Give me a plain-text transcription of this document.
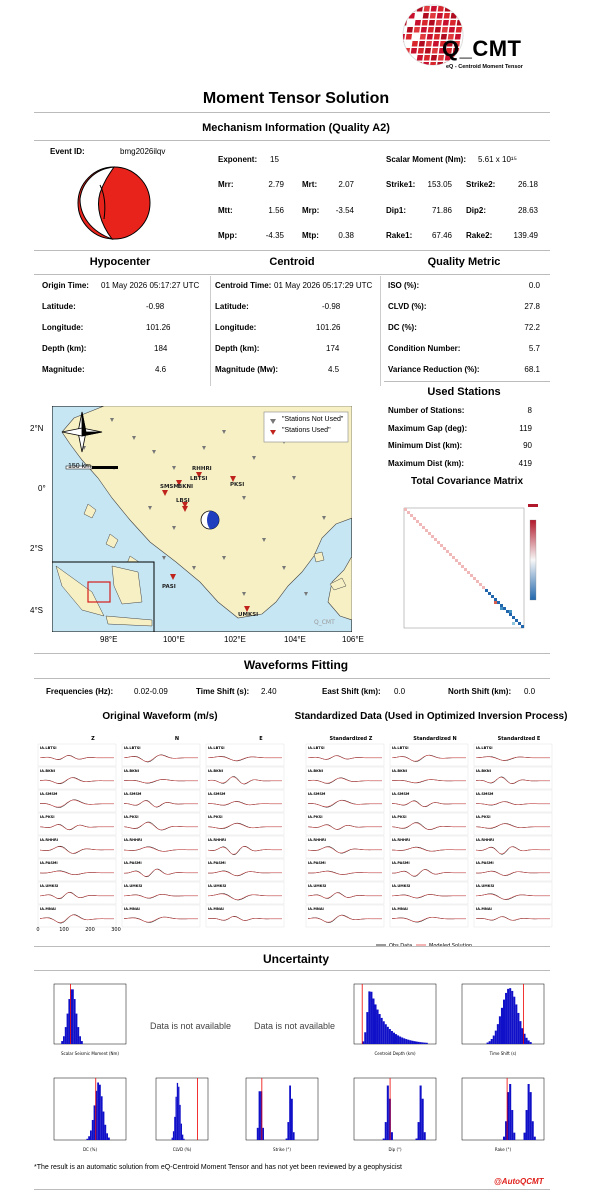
Q_CMT
eQ - Centroid Moment Tensor
Moment Tensor Solution
Mechanism Information (Quality A2)
Event ID:	bmg2026ilqv
Exponent: 15
Mrr:	2.79 Mrt:	2.07
Mtt:	1.56 Mrp:	-3.54
Mpp:	-4.35 Mtp:	0.38
Scalar Moment (Nm): 5.61 x 10¹⁵
Strike1:	153.05 Strike2:	26.18
Dip1:	71.86 Dip2:	28.63
Rake1:	67.46 Rake2:	139.49
Hypocenter	Centroid	Quality Metric
Origin Time: 01 May 2026 05:17:27 UTC
Latitude:	-0.98
Longitude:	101.26
Depth (km):	184
Magnitude:	4.6
Centroid Time: 01 May 2026 05:17:29 UTC
Latitude:	-0.98
Longitude:	101.26
Depth (km):	174
Magnitude (Mw):	4.5
ISO (%):	0.0
CLVD (%):	27.8
DC (%):	72.2
Condition Number:	5.7
Variance Reduction (%):	68.1
Used Stations
Number of Stations:	8
Maximum Gap (deg):	119
Minimum Dist (km):	90
Maximum Dist (km):	419
2°N
0°
2°S
4°S
LBTSI
RHHRI
SMSM BKNI
LBSI
PKSI
PASI
UMKSI
Q_CMT
150 km
"Stations Not Used"
"Stations Used"
98°E	100°E	102°E	104°E	106°E
Total Covariance Matrix
Waveforms Fitting
Frequencies (Hz):	0.02-0.09	Time Shift (s): 2.40	East Shift (km): 0.0	North Shift (km): 0.0
Original Waveform (m/s)	Standardized Data (Used in Optimized Inversion Process)
Z	N	E
IA.LBTSI	IA.LBTSI	IA.LBTSI
IA.BKNI	IA.BKNI	IA.BKNI
IA.SMSM	IA.SMSM	IA.SMSM
IA.PKSI	IA.PKSI	IA.PKSI
IA.RHHRI	IA.RHHRI	IA.RHHRI
IA.PASMI	IA.PASMI	IA.PASMI
IA.UMKSI	IA.UMKSI	IA.UMKSI
IA.MNAI	IA.MNAI	IA.MNAI
0	100	200	300
Standardized Z	Standardized N	Standardized E
IA.LBTSI	IA.LBTSI	IA.LBTSI
IA.BKNI	IA.BKNI	IA.BKNI
IA.SMSM	IA.SMSM	IA.SMSM
IA.PKSI	IA.PKSI	IA.PKSI
IA.RHHRI	IA.RHHRI	IA.RHHRI
IA.PASMI	IA.PASMI	IA.PASMI
IA.UMKSI	IA.UMKSI	IA.UMKSI
IA.MNAI	IA.MNAI	IA.MNAI
Uncertainty
Scalar Seismic Moment (Nm)	Centroid Depth (km)	Time Shift (s)
DC (%)	CLVD (%)	Strike (°)	Dip (°)	Rake (°)
Data is not available	Data is not available
*The result is an automatic solution from eQ-Centroid Moment Tensor and has not yet been reviewed by a geophysicist
@AutoQCMT
